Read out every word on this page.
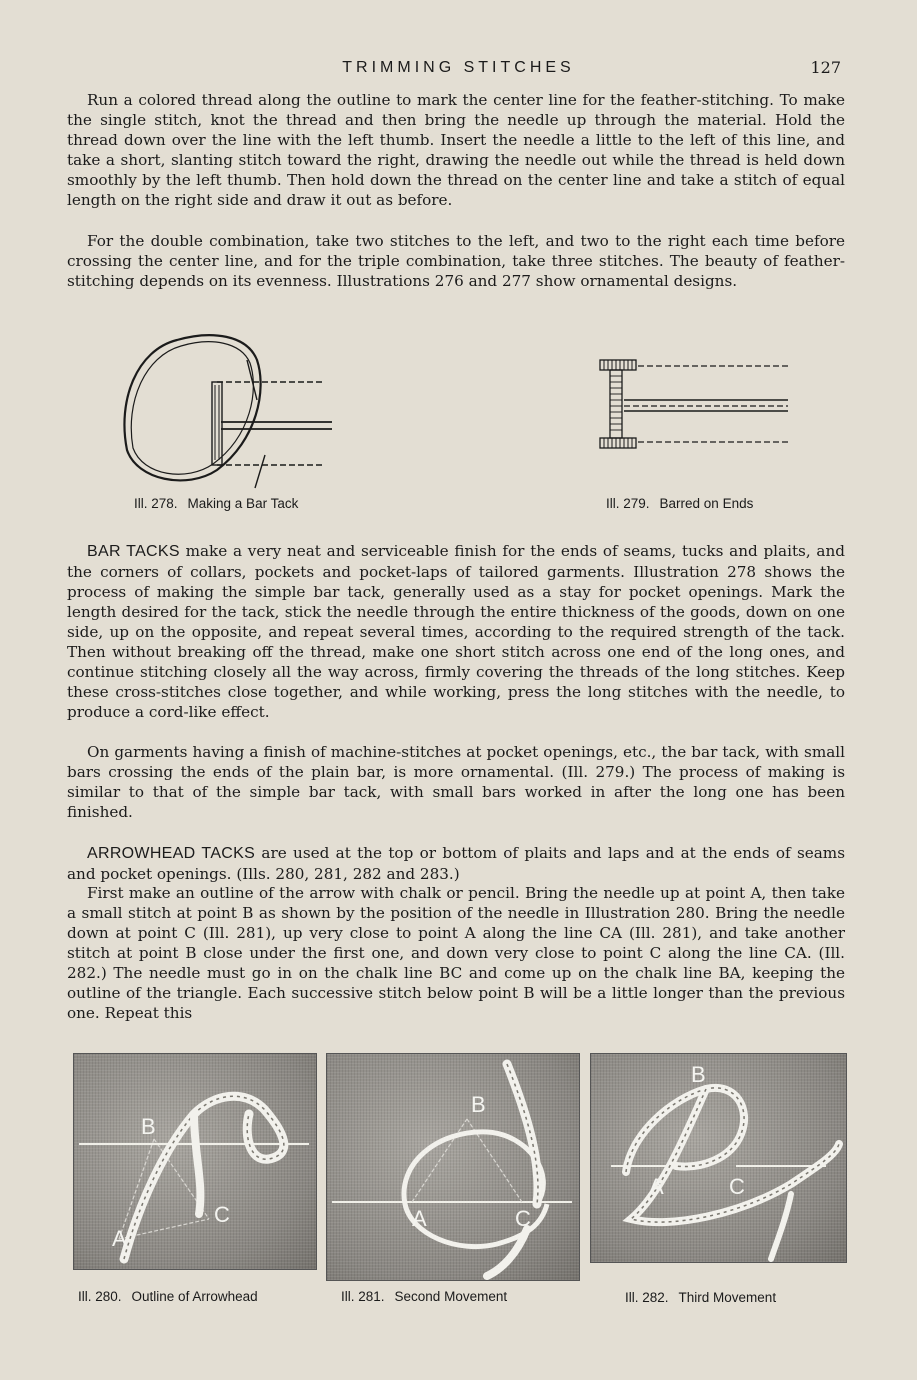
TRIMMING STITCHES	127

Run a colored thread along the outline to mark the center line for the feather-stitching. To make the single stitch, knot the thread and then bring the needle up through the material. Hold the thread down over the line with the left thumb. Insert the needle a little to the left of this line, and take a short, slanting stitch toward the right, drawing the needle out while the thread is held down smoothly by the left thumb. Then hold down the thread on the center line and take a stitch of equal length on the right side and draw it out as before.

For the double combination, take two stitches to the left, and two to the right each time before crossing the center line, and for the triple combination, take three stitches. The beauty of feather-stitching depends on its evenness. Illustrations 276 and 277 show ornamental designs.

Ill. 278. Making a Bar Tack	Ill. 279. Barred on Ends

BAR TACKS make a very neat and serviceable finish for the ends of seams, tucks and plaits, and the corners of collars, pockets and pocket-laps of tailored garments. Illustration 278 shows the process of making the simple bar tack, generally used as a stay for pocket openings. Mark the length desired for the tack, stick the needle through the entire thickness of the goods, down on one side, up on the opposite, and repeat several times, according to the required strength of the tack. Then without breaking off the thread, make one short stitch across one end of the long ones, and continue stitching closely all the way across, firmly covering the threads of the long stitches. Keep these cross-stitches close together, and while working, press the long stitches with the needle, to produce a cord-like effect.

On garments having a finish of machine-stitches at pocket openings, etc., the bar tack, with small bars crossing the ends of the plain bar, is more ornamental. (Ill. 279.) The process of making is similar to that of the simple bar tack, with small bars worked in after the long one has been finished.

ARROWHEAD TACKS are used at the top or bottom of plaits and laps and at the ends of seams and pocket openings. (Ills. 280, 281, 282 and 283.)

First make an outline of the arrow with chalk or pencil. Bring the needle up at point A, then take a small stitch at point B as shown by the position of the needle in Illustration 280. Bring the needle down at point C (Ill. 281), up very close to point A along the line CA (Ill. 281), and take another stitch at point B close under the first one, and down very close to point C along the line CA. (Ill. 282.) The needle must go in on the chalk line BC and come up on the chalk line BA, keeping the outline of the triangle. Each successive stitch below point B will be a little longer than the previous one. Repeat this

B
A
C
Ill. 280. Outline of Arrowhead
B
A	C
Ill. 281. Second Movement
B
A	C
Ill. 282. Third Movement
